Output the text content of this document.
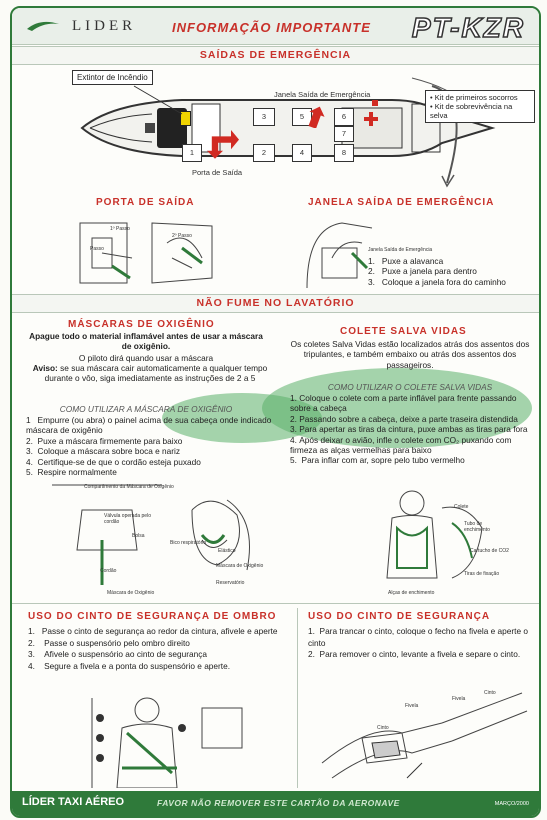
LIDER	INFORMAÇÃO IMPORTANTE PT-KZR
SAÍDAS DE EMERGÊNCIA
3	5	6
7
1	2	4	8
Extintor de Incêndio
Janela Saída de Emergência	• Kit de primeiros socorros
• Kit de sobrevivência na selva
Porta de Saída
PORTA DE SAÍDA	JANELA SAÍDA DE EMERGÊNCIA
1º Passo
2º Passo
Passo	Janela Saída de Emergência
1.   Puxe a alavanca
2.   Puxe a janela para dentro
3.   Coloque a janela fora do caminho
NÃO FUME NO LAVATÓRIO
MÁSCARAS DE OXIGÊNIO
Apague todo o material inflamável antes de usar a máscara de oxigênio.
O piloto dirá quando usar a máscara
Aviso: se sua máscara cair automaticamente a qualquer tempo durante o vôo, siga imediatamente as instruções de 2 a 5
COMO UTILIZAR A MÁSCARA DE OXIGÊNIO
1   Empurre (ou abra) o painel acima de sua cabeça onde indicado máscara de oxigênio
2.  Puxe a máscara firmemente para baixo
3.  Coloque a máscara sobre boca e nariz
4.  Certifique-se de que o cordão esteja puxado
5.  Respire normalmente
Compartimento da Máscara de Oxigênio
Válvula operada pelo cordão
Bolsa
Cordão
Máscara de Oxigênio
Bico respiratório
Elástico
Máscara de Oxigênio
Reservatório
COLETE SALVA VIDAS
Os coletes Salva Vidas estão localizados atrás dos assentos dos tripulantes, e também embaixo ou atrás dos assentos dos passageiros.
COMO UTILIZAR O COLETE SALVA VIDAS
1. Coloque o colete com a parte inflável para frente passando sobre a cabeça
2. Passando sobre a cabeça, deixe a parte traseira distendida
3. Para apertar as tiras da cintura, puxe ambas as tiras para fora
4. Após deixar o avião, infle o colete com CO₂ puxando com firmeza as alças vermelhas para baixo
5.  Para inflar com ar, sopre pelo tubo vermelho
Colete
Tubo de enchimento
Cartucho de CO2
Alças de enchimento
Tiras de fixação
USO DO CINTO DE SEGURANÇA DE OMBRO
1.   Passe o cinto de segurança ao redor da cintura, afivele e aperte
2.    Passe o suspensório pelo ombro direito
3.    Afivele o suspensório ao cinto de segurança
4.    Segure a fivela e a ponta do suspensório e aperte.
USO DO CINTO DE SEGURANÇA
1.  Para trancar o cinto, coloque o fecho na fivela e aperte o cinto
2.  Para remover o cinto, levante a fivela e separe o cinto.
Fivela
Cinto
Fivela
Cinto
LÍDER TAXI AÉREO	FAVOR NÃO REMOVER ESTE CARTÃO DA AERONAVE	MARÇO/2000
